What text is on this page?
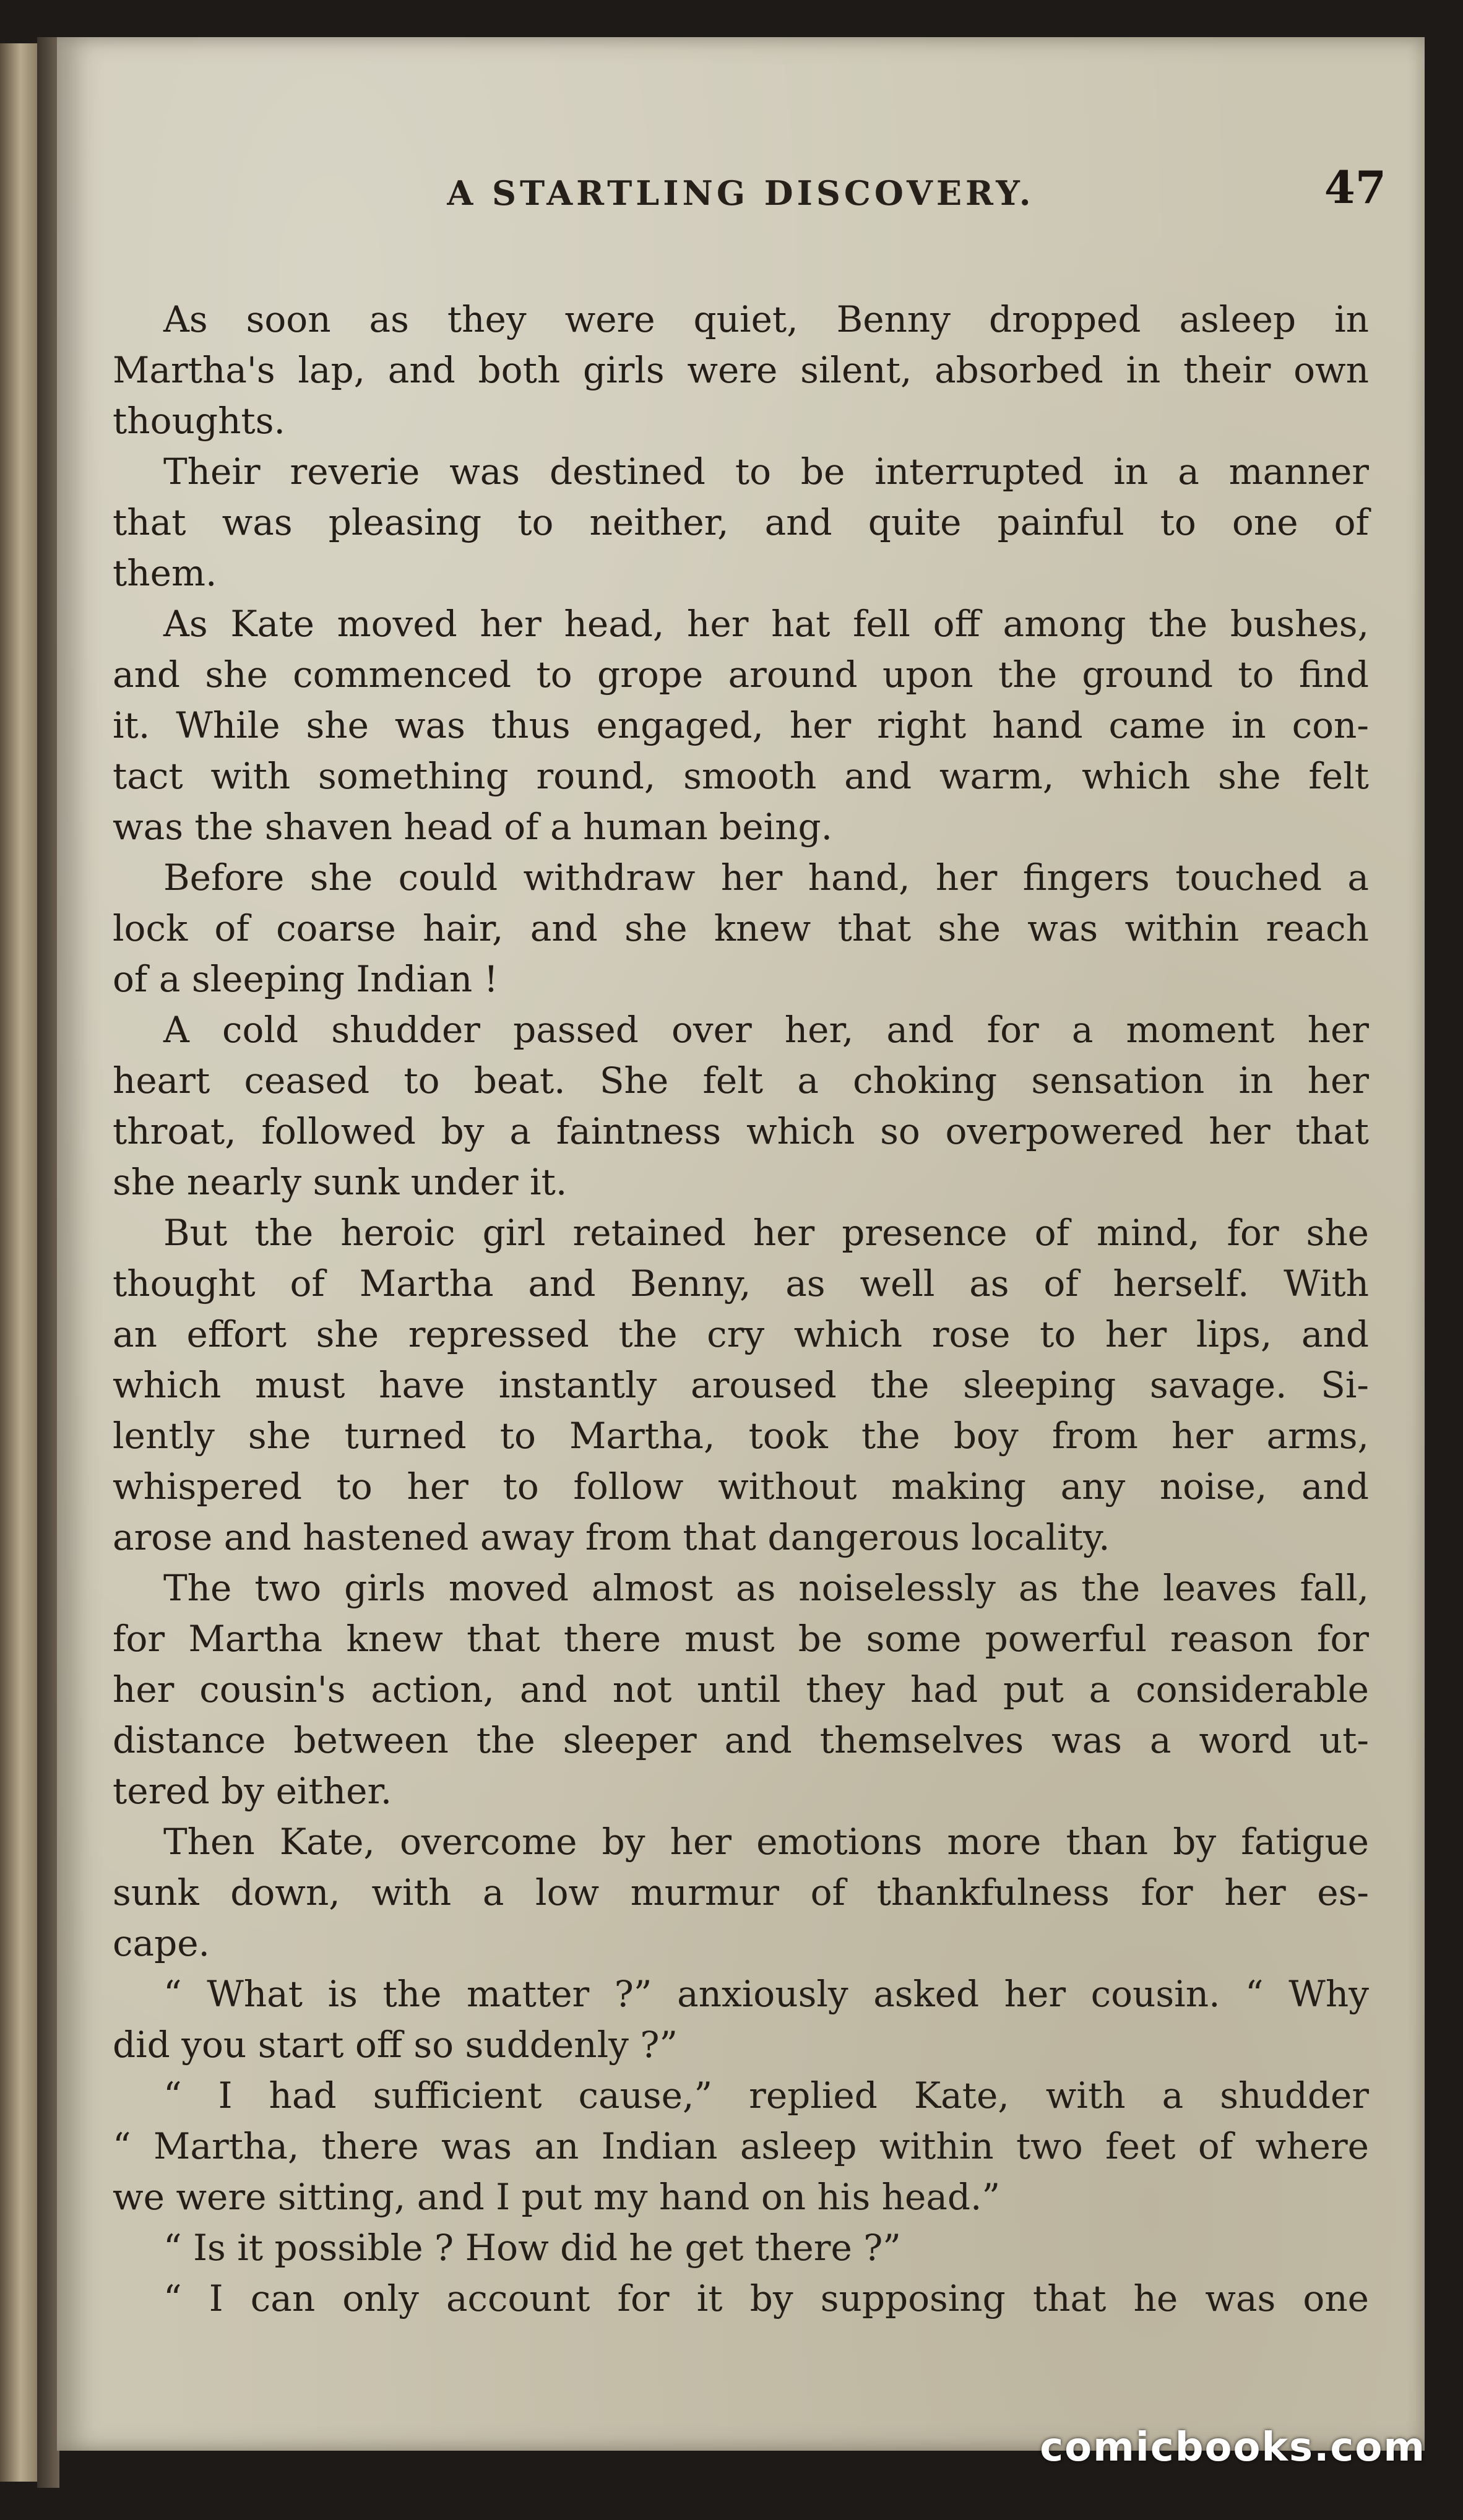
A STARTLING DISCOVERY.	47
As soon as they were quiet, Benny dropped asleep in
Martha's lap, and both girls were silent, absorbed in their own
thoughts.
Their reverie was destined to be interrupted in a manner
that was pleasing to neither, and quite painful to one of
them.
As Kate moved her head, her hat fell off among the bushes,
and she commenced to grope around upon the ground to find
it. While she was thus engaged, her right hand came in con-
tact with something round, smooth and warm, which she felt
was the shaven head of a human being.
Before she could withdraw her hand, her fingers touched a
lock of coarse hair, and she knew that she was within reach
of a sleeping Indian !
A cold shudder passed over her, and for a moment her
heart ceased to beat. She felt a choking sensation in her
throat, followed by a faintness which so overpowered her that
she nearly sunk under it.
But the heroic girl retained her presence of mind, for she
thought of Martha and Benny, as well as of herself. With
an effort she repressed the cry which rose to her lips, and
which must have instantly aroused the sleeping savage. Si-
lently she turned to Martha, took the boy from her arms,
whispered to her to follow without making any noise, and
arose and hastened away from that dangerous locality.
The two girls moved almost as noiselessly as the leaves fall,
for Martha knew that there must be some powerful reason for
her cousin's action, and not until they had put a considerable
distance between the sleeper and themselves was a word ut-
tered by either.
Then Kate, overcome by her emotions more than by fatigue
sunk down, with a low murmur of thankfulness for her es-
cape.
“ What is the matter ?” anxiously asked her cousin. “ Why
did you start off so suddenly ?”
“ I had sufficient cause,” replied Kate, with a shudder
“ Martha, there was an Indian asleep within two feet of where
we were sitting, and I put my hand on his head.”
“ Is it possible ? How did he get there ?”
“ I can only account for it by supposing that he was one
comicbooks.com
